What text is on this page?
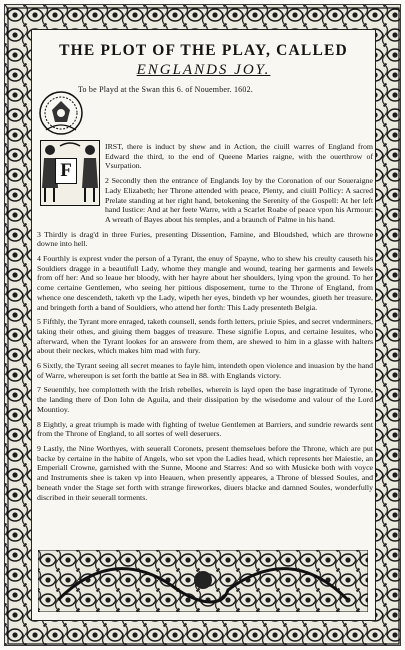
THE PLOT OF THE PLAY, CALLED
ENGLANDS JOY.
To be Playd at the Swan this 6. of Nouember. 1602.
F

IRST, there is induct by shew and in Action, the ciuill warres of England from Edward the third, to the end of Queene Maries raigne, with the ouerthrow of Vsurpation.

2 Secondly then the entrance of Englands Ioy by the Coronation of our Soueraigne Lady Elizabeth; her Throne attended with peace, Plenty, and ciuill Pollicy: A sacred Prelate standing at her right hand, betokening the Serenity of the Gospell: At her left hand Iustice: And at her feete Warre, with a Scarlet Roabe of peace vpon his Armour: A wreath of Bayes about his temples, and a braunch of Palme in his hand.

3 Thirdly is drag'd in three Furies, presenting Dissention, Famine, and Bloudshed, which are throwne downe into hell.

4 Fourthly is exprest vnder the person of a Tyrant, the enuy of Spayne, who to shew his creulty causeth his Souldiers dragge in a beautifull Lady, whome they mangle and wound, tearing her garments and Iewels from off her: And so leaue her bloody, with her hayre about her shoulders, lying vpon the ground. To her come certaine Gentlemen, who seeing her pittious disposement, turne to the Throne of England, from whence one descendeth, taketh vp the Lady, wipeth her eyes, bindeth vp her woundes, giueth her treasure, and bringeth forth a band of Souldiers, who attend her forth: This Lady presenteth Belgia.

5 Fifthly, the Tyrant more enraged, taketh counsell, sends forth letters, priuie Spies, and secret vnderminers, taking their othes, and giuing them bagges of treasure. These signifie Lopus, and certaine Iesuites, who afterward, when the Tyrant lookes for an answere from them, are shewed to him in a glasse with halters about their neckes, which makes him mad with fury.

6 Sixtly, the Tyrant seeing all secret meanes to fayle him, intendeth open violence and inuasion by the hand of Warre, whereupon is set forth the battle at Sea in 88. with Englands victory.

7 Seuenthly, hee complotteth with the Irish rebelles, wherein is layd open the base ingratitude of Tyrone, the landing there of Don Iohn de Aguila, and their dissipation by the wisedome and valour of the Lord Mountioy.

8 Eightly, a great triumph is made with fighting of twelue Gentlemen at Barriers, and sundrie rewards sent from the Throne of England, to all sortes of well deseruers.

9 Lastly, the Nine Worthyes, with seuerall Coronets, present themselues before the Throne, which are put backe by certaine in the habite of Angels, who set vpon the Ladies head, which represents her Maiestie, an Emperiall Crowne, garnished with the Sunne, Moone and Starres: And so with Musicke both with voyce and Instruments shee is taken vp into Heauen, when presently appeares, a Throne of blessed Soules, and beneath vnder the Stage set forth with strange fireworkes, diuers blacke and damned Soules, wonderfully discribed in their seuerall torments.
